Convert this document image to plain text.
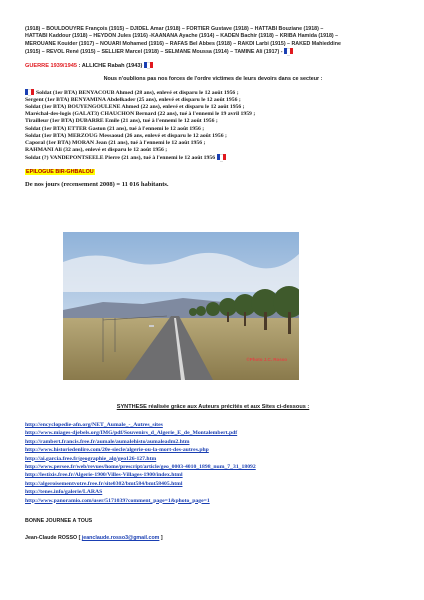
(1918) – BOULDOUYRE François (1915) – DJIDEL Amar (1918) – FORTIER Gustave (1918) – HATTABI Bouziane (1918) –
HATTABI Kaddour (1918) – HEYDON Jules (1916) -KAANANA Ayache (1914) – KADEN Bachir (1918) – KRIBA Hamida (1918) –
MEROUANE Kouider (1917) – NOUARI Mohamed (1916) – RAFAS Bel Abbes (1918) – RAKDI Larbi (1915) – RAKED Mahieddine
(1915) – REVOL René (1915) – SELLIER Marcel (1918) – SELMANE Moussa (1914) – TAMINE Ali (1917) -
GUERRE 1939/1945 : ALLICHE Rabah (1943)
Nous n'oublions pas nos forces de l'ordre victimes de leurs devoirs dans ce secteur :
Soldat (1er BTA) BENYACOUB Ahmed (28 ans), enlevé et disparu le 12 août 1956 ;
Sergent (1er BTA) BENYAMINA Abdelkader (25 ans), enlevé et disparu le 12 août 1956 ;
Soldat (1er BTA) BOUYENGOULENE Ahmed (22 ans), enlevé et disparu le 12 août 1956 ;
Maréchal-des-logis (GALAT3) CHAUCHON Bernard (22 ans), tué à l'ennemi le 19 avril 1959 ;
Tirailleur (1er BTA) DUBARRE Emile (21 ans), tué à l'ennemi le 12 août 1956 ;
Soldat (1er BTA) ETTER Gaston (21 ans), tué à l'ennemi le 12 août 1956 ;
Soldat (1er BTA) MERZOUG Messaoud (26 ans, enlevé et disparu le 12 août 1956 ;
Caporal (1er BTA) MORAN Jean (21 ans), tué à l'ennemi le 12 août 1956 ;
RAHMANI Ali (32 ans), enlevé et disparu le 12 août 1956 ;
Soldat (?) VANDEPONTSEELE Pierre (21 ans), tué à l'ennemi le 12 août 1956
EPILOGUE BIR-GHBALOU
De nos jours (recensement 2008) = 11 016 habitants.
SYNTHESE réalisée grâce aux Auteurs précités et aux Sites ci-dessous :
http://encyclopedie-afn.org/NET_Aumale_-_Autres_sites
http://www.miages-djebels.org/IMG/pdf/Souvenirs_d_Algerie_E_de_Montalembert.pdf
http://rambert.francis.free.fr/aumale/aumalehisto/aumaleadm2.htm
http://www.historiedenlire.com/20e-siecle/algerie-ou-la-mort-des-autres.php
http://ai.garcia.free.fr/geographie_alg/geo126-127.htm
http://www.persee.fr/web/revues/home/prescript/article/geo_0003-4010_1898_num_7_31_18092
http://lestixis.free.fr/Algerie-1900/Villes-Villages-1900/index.html
http://algeroisementvotre.free.fr/site0302/bmt584/bmt58405.html
http://tenes.info/galerie/LARAS
http://www.panoramio.com/user/5171039?comment_page=1&photo_page=1
BONNE JOURNEE A TOUS
Jean-Claude ROSSO [ jeanclaude.rosso3@gmail.com ]
©Photo J.C. Rosso
